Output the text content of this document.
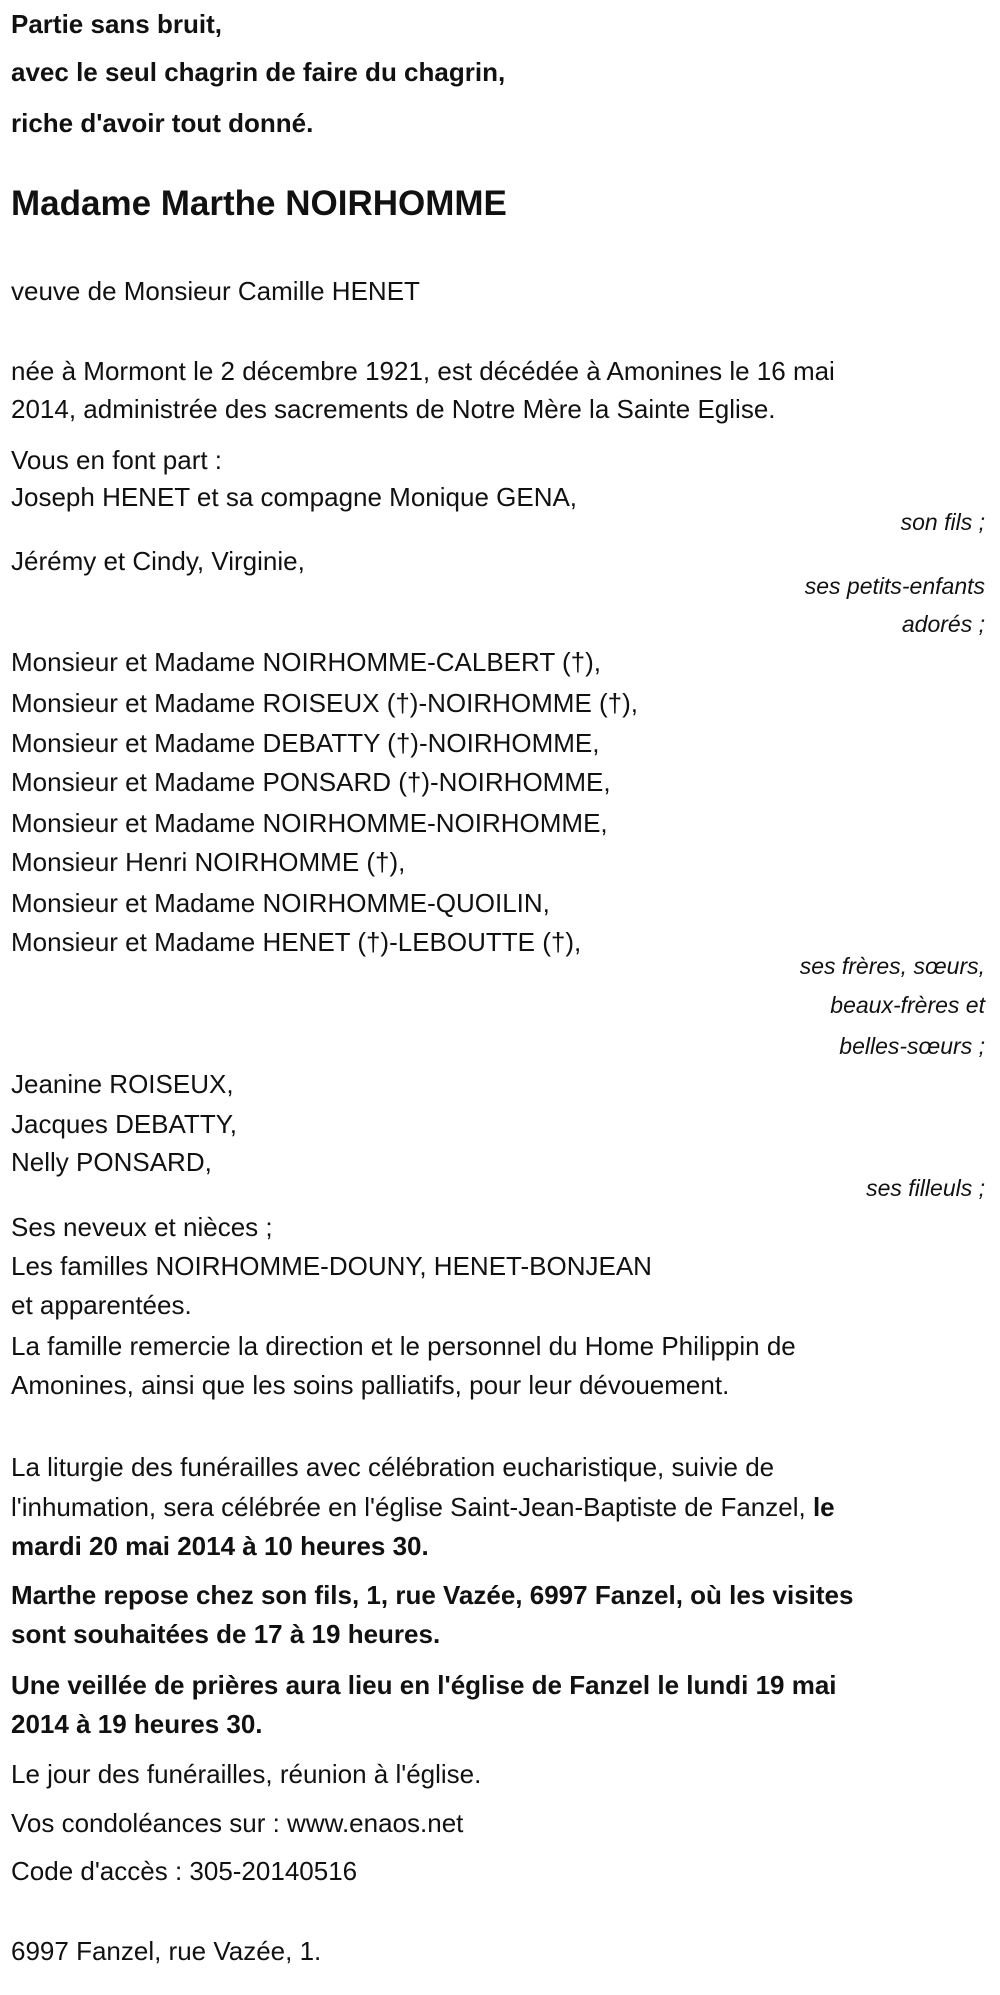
Partie sans bruit,
avec le seul chagrin de faire du chagrin,
riche d'avoir tout donné.
Madame Marthe NOIRHOMME
veuve de Monsieur Camille HENET
née à Mormont le 2 décembre 1921, est décédée à Amonines le 16 mai
2014, administrée des sacrements de Notre Mère la Sainte Eglise.
Vous en font part :
Joseph HENET et sa compagne Monique GENA,
son fils ;
Jérémy et Cindy, Virginie,
ses petits-enfants
adorés ;
Monsieur et Madame NOIRHOMME-CALBERT (†),
Monsieur et Madame ROISEUX (†)-NOIRHOMME (†),
Monsieur et Madame DEBATTY (†)-NOIRHOMME,
Monsieur et Madame PONSARD (†)-NOIRHOMME,
Monsieur et Madame NOIRHOMME-NOIRHOMME,
Monsieur Henri NOIRHOMME (†),
Monsieur et Madame NOIRHOMME-QUOILIN,
Monsieur et Madame HENET (†)-LEBOUTTE (†),
ses frères, sœurs,
beaux-frères et
belles-sœurs ;
Jeanine ROISEUX,
Jacques DEBATTY,
Nelly PONSARD,
ses filleuls ;
Ses neveux et nièces ;
Les familles NOIRHOMME-DOUNY, HENET-BONJEAN
et apparentées.
La famille remercie la direction et le personnel du Home Philippin de
Amonines, ainsi que les soins palliatifs, pour leur dévouement.
La liturgie des funérailles avec célébration eucharistique, suivie de
l'inhumation, sera célébrée en l'église Saint-Jean-Baptiste de Fanzel, le
mardi 20 mai 2014 à 10 heures 30.
Marthe repose chez son fils, 1, rue Vazée, 6997 Fanzel, où les visites
sont souhaitées de 17 à 19 heures.
Une veillée de prières aura lieu en l'église de Fanzel le lundi 19 mai
2014 à 19 heures 30.
Le jour des funérailles, réunion à l'église.
Vos condoléances sur : www.enaos.net
Code d'accès : 305-20140516
6997 Fanzel, rue Vazée, 1.
